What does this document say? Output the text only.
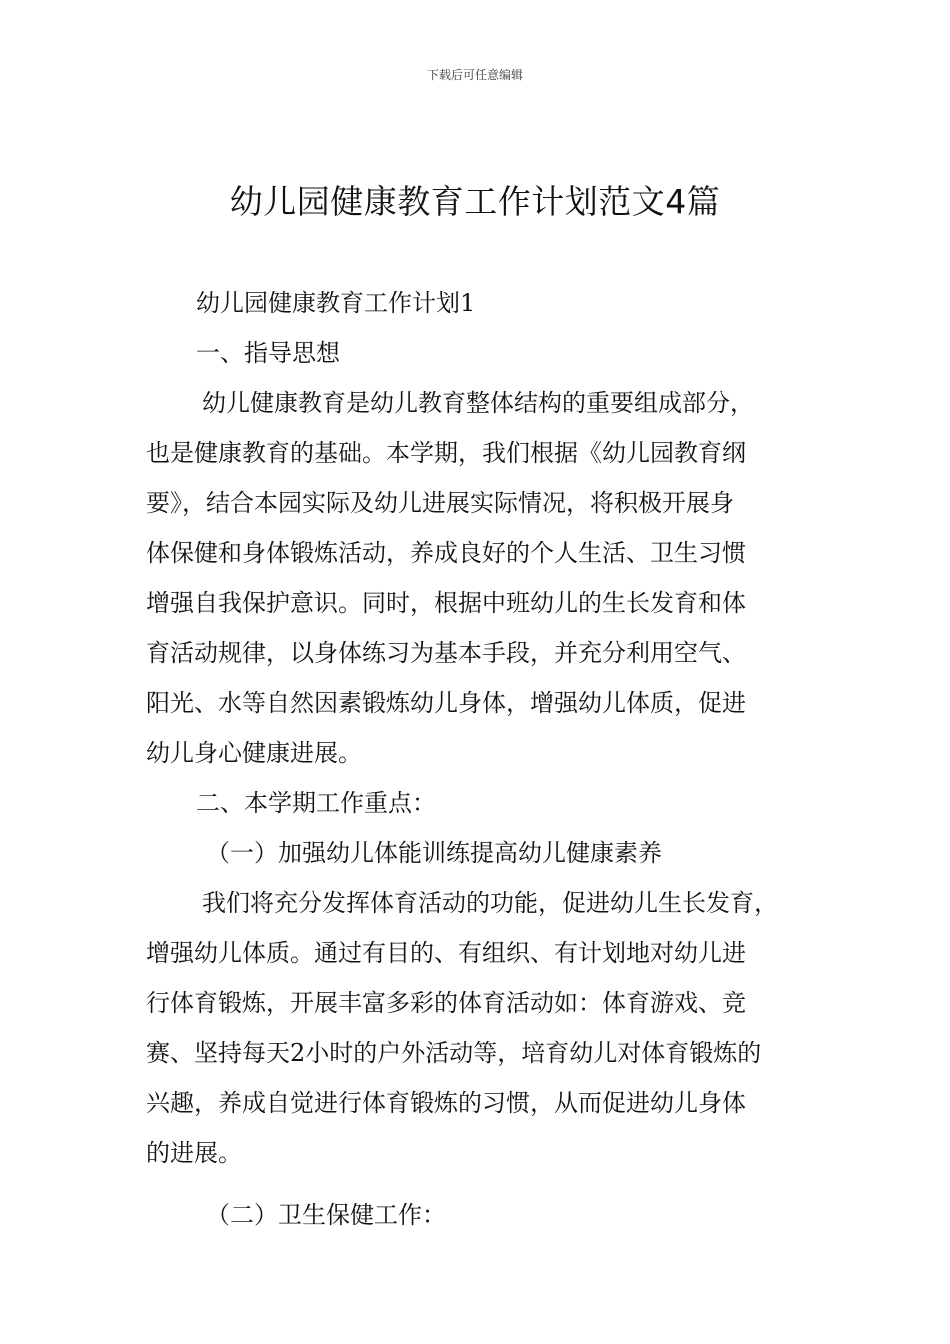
下载后可任意编辑
幼儿园健康教育工作计划范文4篇
幼儿园健康教育工作计划1
一、指导思想
幼儿健康教育是幼儿教育整体结构的重要组成部分，
也是健康教育的基础。本学期，我们根据《幼儿园教育纲
要》，结合本园实际及幼儿进展实际情况，将积极开展身
体保健和身体锻炼活动，养成良好的个人生活、卫生习惯
增强自我保护意识。同时，根据中班幼儿的生长发育和体
育活动规律，以身体练习为基本手段，并充分利用空气、
阳光、水等自然因素锻炼幼儿身体，增强幼儿体质，促进
幼儿身心健康进展。
二、本学期工作重点：
（一）加强幼儿体能训练提高幼儿健康素养
我们将充分发挥体育活动的功能，促进幼儿生长发育，
增强幼儿体质。通过有目的、有组织、有计划地对幼儿进
行体育锻炼，开展丰富多彩的体育活动如：体育游戏、竞
赛、坚持每天2小时的户外活动等，培育幼儿对体育锻炼的
兴趣，养成自觉进行体育锻炼的习惯，从而促进幼儿身体
的进展。
（二）卫生保健工作：
